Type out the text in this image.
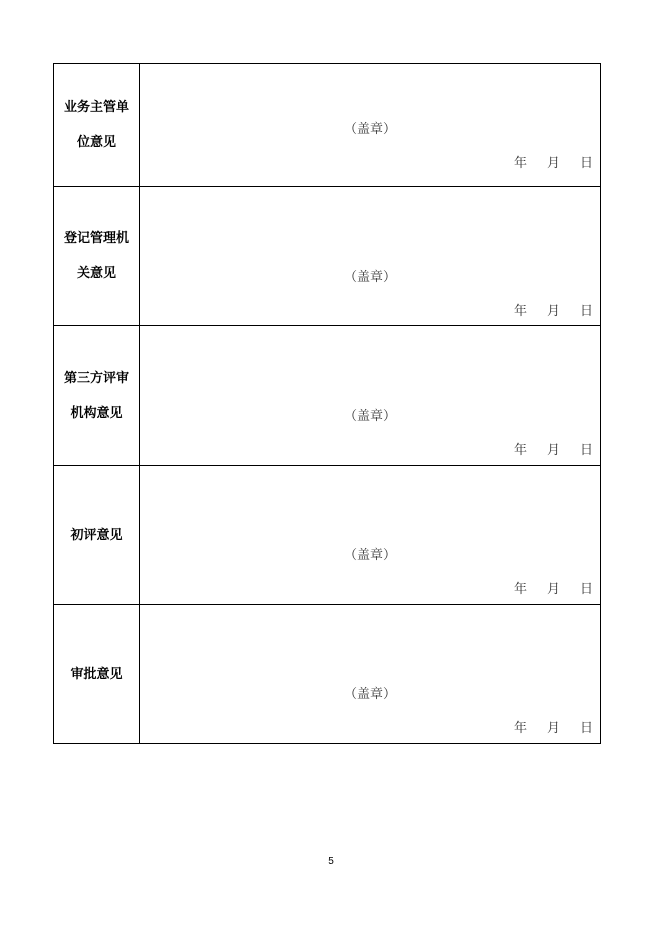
业务主管单位意见	（盖章）
年 月 日

登记管理机关意见	（盖章）
年 月 日

第三方评审机构意见	（盖章）
年 月 日

初评意见	（盖章）
年 月 日

审批意见	（盖章）
年 月 日
5
